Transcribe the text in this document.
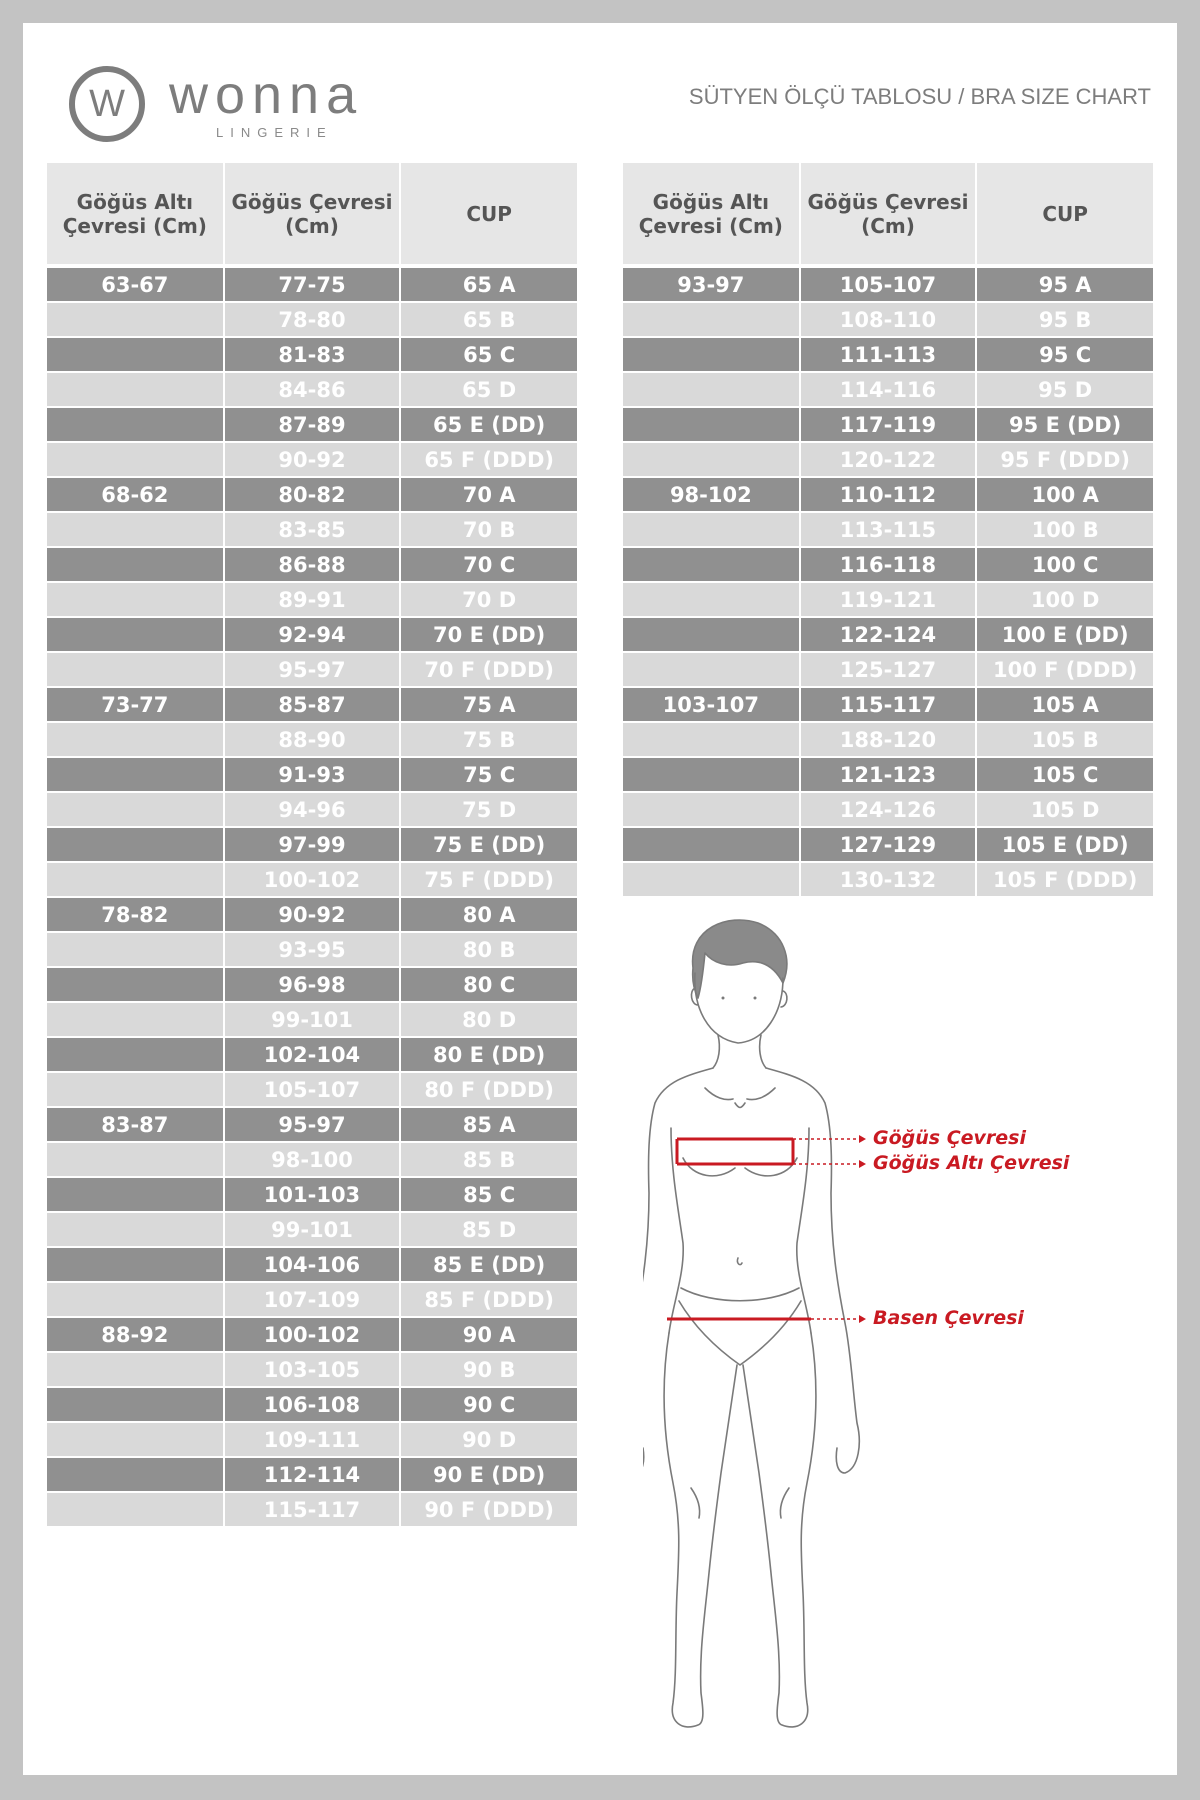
W wonna
LINGERIE
SÜTYEN ÖLÇÜ TABLOSU / BRA SIZE CHART
Göğüs Altı Çevresi (Cm)	Göğüs Çevresi (Cm)	CUP
63-67	77-75	65 A
	78-80	65 B
	81-83	65 C
	84-86	65 D
	87-89	65 E (DD)
	90-92	65 F (DDD)
68-62	80-82	70 A
	83-85	70 B
	86-88	70 C
	89-91	70 D
	92-94	70 E (DD)
	95-97	70 F (DDD)
73-77	85-87	75 A
	88-90	75 B
	91-93	75 C
	94-96	75 D
	97-99	75 E (DD)
	100-102	75 F (DDD)
78-82	90-92	80 A
	93-95	80 B
	96-98	80 C
	99-101	80 D
	102-104	80 E (DD)
	105-107	80 F (DDD)
83-87	95-97	85 A
	98-100	85 B
	101-103	85 C
	99-101	85 D
	104-106	85 E (DD)
	107-109	85 F (DDD)
88-92	100-102	90 A
	103-105	90 B
	106-108	90 C
	109-111	90 D
	112-114	90 E (DD)
	115-117	90 F (DDD)
Göğüs Altı Çevresi (Cm)	Göğüs Çevresi (Cm)	CUP
93-97	105-107	95 A
	108-110	95 B
	111-113	95 C
	114-116	95 D
	117-119	95 E (DD)
	120-122	95 F (DDD)
98-102	110-112	100 A
	113-115	100 B
	116-118	100 C
	119-121	100 D
	122-124	100 E (DD)
	125-127	100 F (DDD)
103-107	115-117	105 A
	188-120	105 B
	121-123	105 C
	124-126	105 D
	127-129	105 E (DD)
	130-132	105 F (DDD)
Göğüs Çevresi
Göğüs Altı Çevresi
Basen Çevresi
